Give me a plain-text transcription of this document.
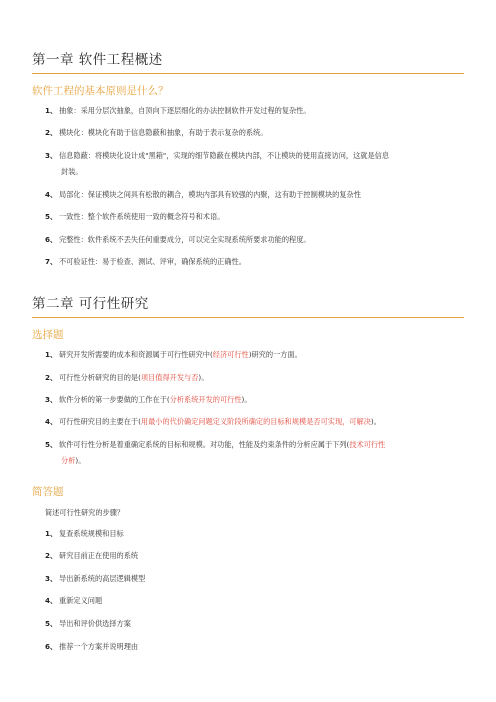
第一章 软件工程概述
软件工程的基本原则是什么？
1、 抽象：采用分层次抽象，自顶向下逐层细化的办法控制软件开发过程的复杂性。
2、 模块化：模块化有助于信息隐蔽和抽象，有助于表示复杂的系统。
3、 信息隐蔽：将模块化设计成"黑箱"，实现的细节隐蔽在模块内部，不让模块的使用直接访问，这就是信息
封装。
4、 局部化：保证模块之间具有松散的耦合，模块内部具有较强的内聚，这有助于控制模块的复杂性
5、 一致性：整个软件系统使用一致的概念符号和术语。
6、 完整性：软件系统不丢失任何重要成分，可以完全实现系统所要求功能的程度。
7、 不可验证性：易于检查、测试、评审，确保系统的正确性。
第二章 可行性研究
选择题
1、 研究开发所需要的成本和资源属于可行性研究中(经济可行性)研究的一方面。
2、 可行性分析研究的目的是(项目值得开发与否)。
3、 软件分析的第一步要做的工作在于(分析系统开发的可行性)。
4、 可行性研究目的主要在于(用最小的代价确定问题定义阶段所确定的目标和规模是否可实现，可解决)。
5、 软件可行性分析是着重确定系统的目标和规模。对功能，性能及约束条件的分析应属于下列(技术可行性
分析)。
简答题
简述可行性研究的步骤？
1、 复查系统规模和目标
2、 研究目前正在使用的系统
3、 导出新系统的高层逻辑模型
4、 重新定义问题
5、 导出和评价供选择方案
6、 推荐一个方案并说明理由
